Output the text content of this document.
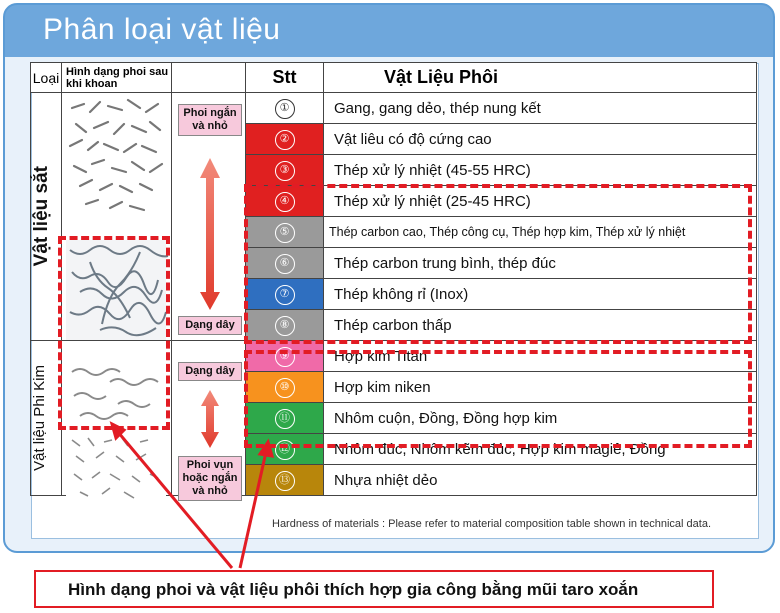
Phân loại vật liệu
Loại	Hình dạng phoi sau khi khoan		Stt	Vật Liệu Phôi

Vật liệu sắt			①	Gang, gang dẻo, thép nung kết
			②	Vật liêu có độ cứng cao
			③	Thép xử lý nhiệt (45-55 HRC)
			④	Thép xử lý nhiệt (25-45 HRC)
			⑤	Thép carbon cao, Thép công cụ, Thép hợp kim, Thép xử lý nhiệt
			⑥	Thép carbon trung bình, thép đúc
			⑦	Thép không rỉ (Inox)
			⑧	Thép carbon thấp

Vật liệu Phi Kim			⑨	Hợp kim Titan
			⑩	Hợp kim niken
			⑪	Nhôm cuộn, Đồng, Đồng hợp kim
			⑫	Nhôm đúc, Nhôm kẽm đúc, Hợp kim magiê, Đồng
			⑬	Nhựa nhiệt dẻo
Phoi ngắn
và nhỏ
Dạng dây
Dạng dây
Phoi vụn
hoặc ngắn
và nhỏ
Hardness of materials : Please refer to material composition table shown in technical data.
Hình dạng phoi và vật liệu phôi thích hợp gia công bằng mũi taro xoắn
